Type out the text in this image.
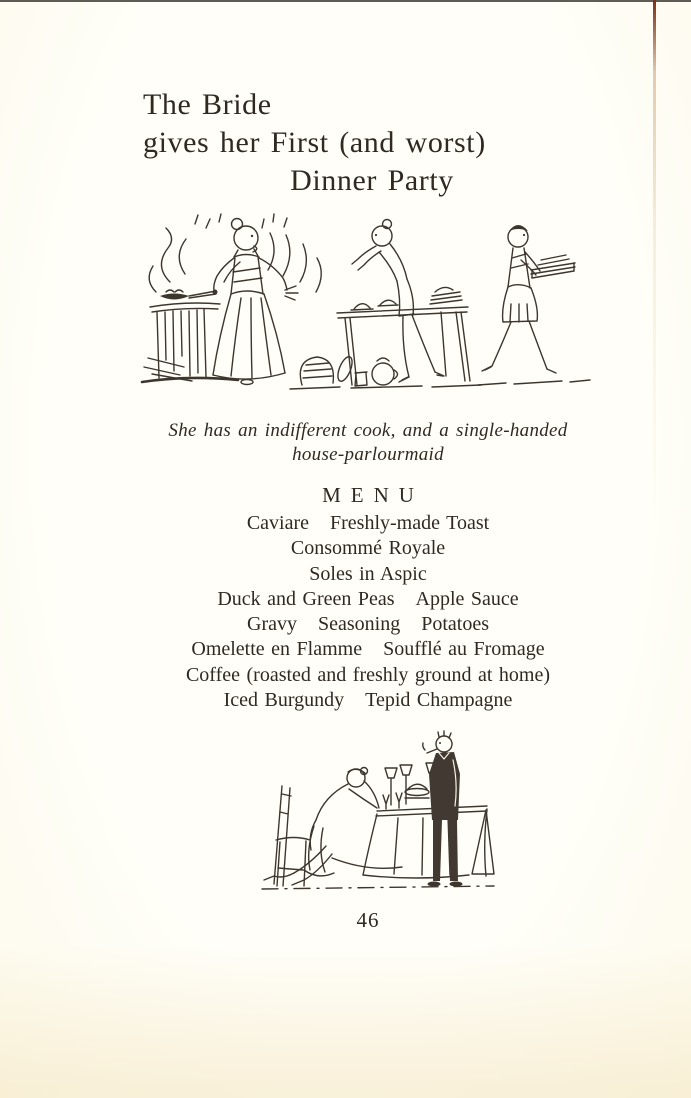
The Bride
gives her First (and worst)
Dinner Party
She has an indifferent cook, and a single-handed
house-parlourmaid
MENU
Caviare Freshly-made Toast
Consommé Royale
Soles in Aspic
Duck and Green Peas Apple Sauce
Gravy Seasoning Potatoes
Omelette en Flamme Soufflé au Fromage
Coffee (roasted and freshly ground at home)
Iced Burgundy Tepid Champagne
46
